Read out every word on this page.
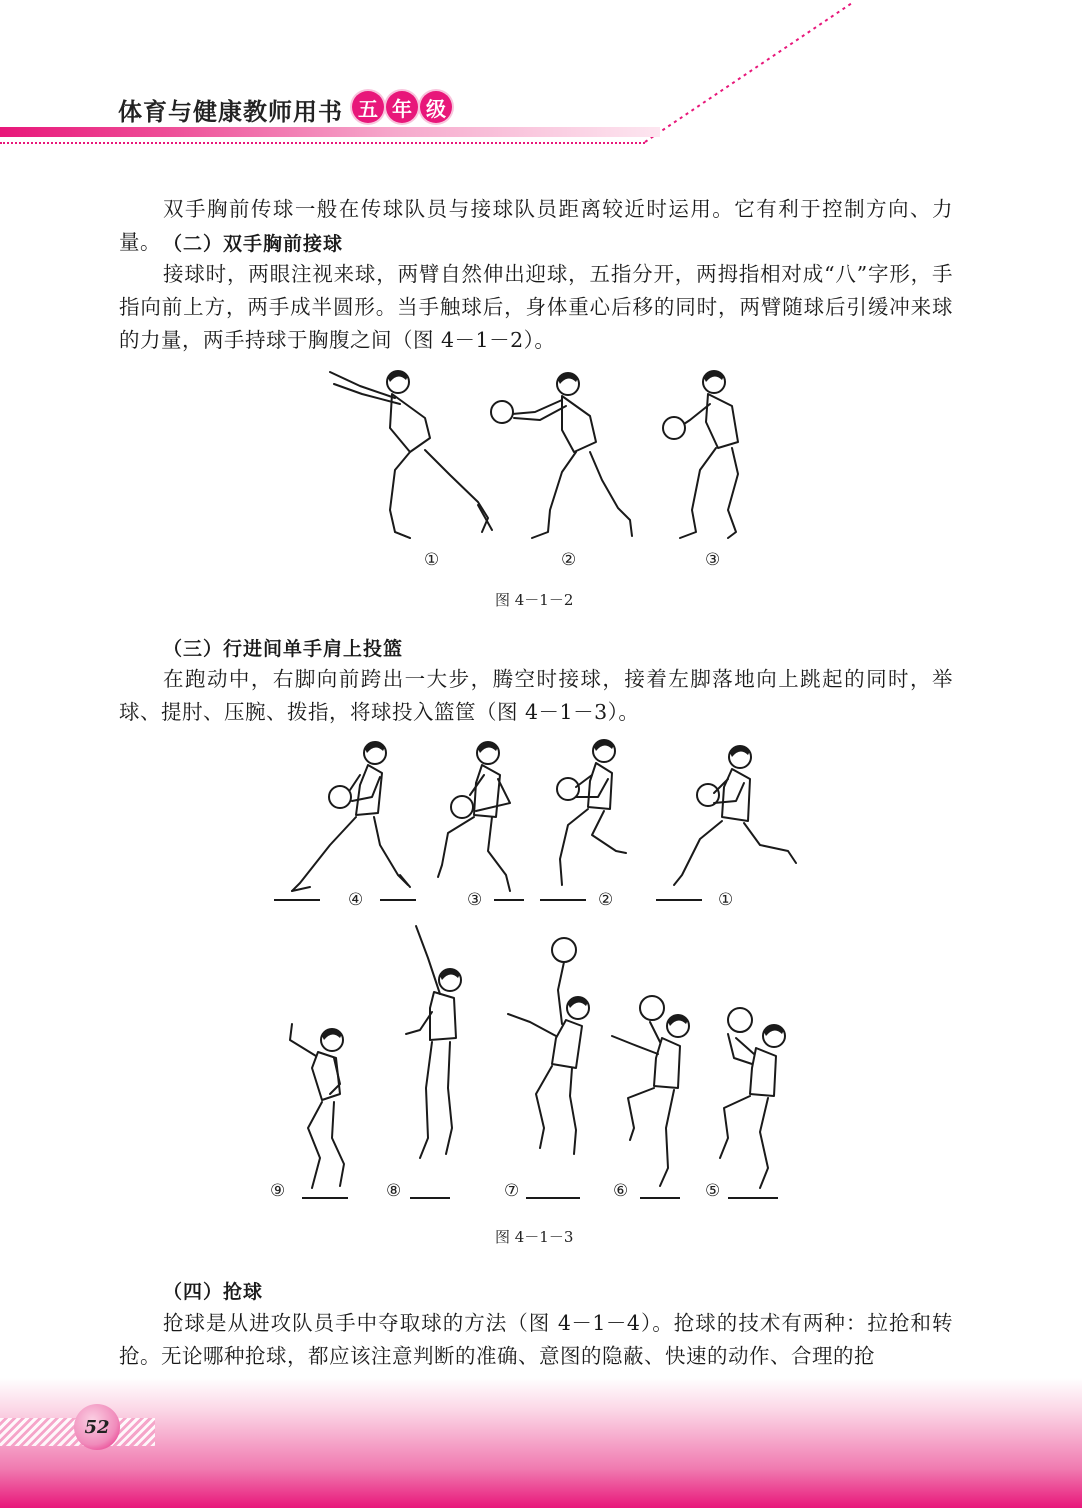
体育与健康教师用书 五 年 级

双手胸前传球一般在传球队员与接球队员距离较近时运用。它有利于控制方向、力量。 （二）双手胸前接球

接球时，两眼注视来球，两臂自然伸出迎球，五指分开，两拇指相对成“八”字形，手指向前上方，两手成半圆形。当手触球后，身体重心后移的同时，两臂随球后引缓冲来球的力量，两手持球于胸腹之间（图 4－1－2）。

①	②	③
图 4－1－2
（三）行进间单手肩上投篮

在跑动中，右脚向前跨出一大步，腾空时接球，接着左脚落地向上跳起的同时，举球、提肘、压腕、拨指，将球投入篮筐（图 4－1－3）。

④	③	②	①
⑨	⑧	⑦	⑥	⑤
图 4－1－3
（四）抢球

抢球是从进攻队员手中夺取球的方法（图 4－1－4）。抢球的技术有两种：拉抢和转抢。无论哪种抢球，都应该注意判断的准确、意图的隐蔽、快速的动作、合理的抢

52
